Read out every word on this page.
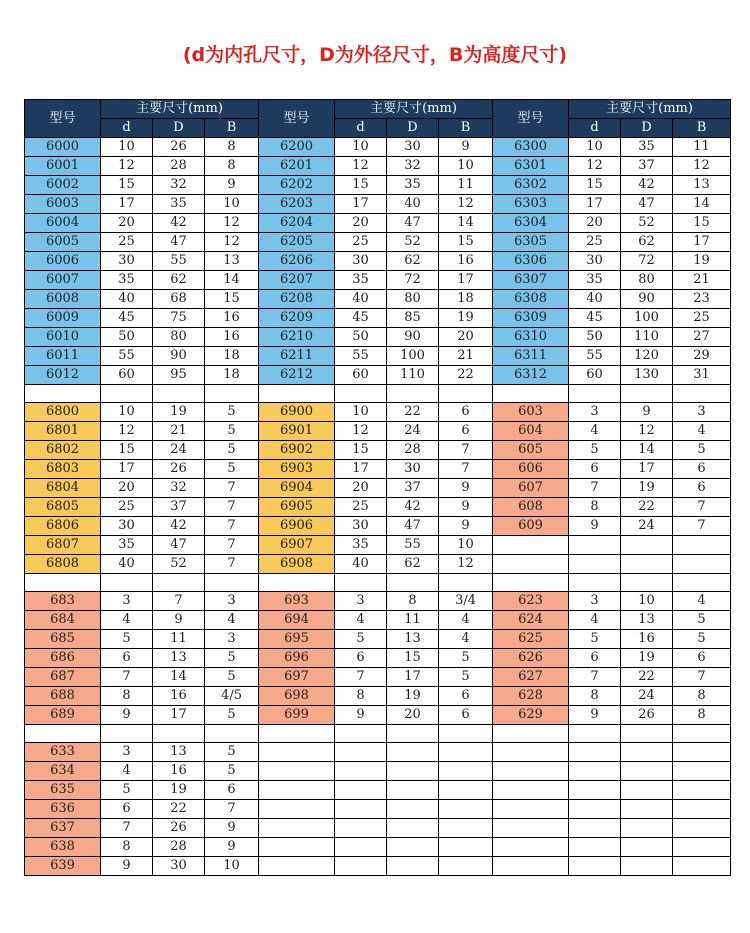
(d为内孔尺寸，D为外径尺寸，B为高度尺寸)
型号	主要尺寸(mm)			型号	主要尺寸(mm)			型号	主要尺寸(mm)		
	d	D	B		d	D	B		d	D	B
6000	10	26	8	6200	10	30	9	6300	10	35	11
6001	12	28	8	6201	12	32	10	6301	12	37	12
6002	15	32	9	6202	15	35	11	6302	15	42	13
6003	17	35	10	6203	17	40	12	6303	17	47	14
6004	20	42	12	6204	20	47	14	6304	20	52	15
6005	25	47	12	6205	25	52	15	6305	25	62	17
6006	30	55	13	6206	30	62	16	6306	30	72	19
6007	35	62	14	6207	35	72	17	6307	35	80	21
6008	40	68	15	6208	40	80	18	6308	40	90	23
6009	45	75	16	6209	45	85	19	6309	45	100	25
6010	50	80	16	6210	50	90	20	6310	50	110	27
6011	55	90	18	6211	55	100	21	6311	55	120	29
6012	60	95	18	6212	60	110	22	6312	60	130	31

6800	10	19	5	6900	10	22	6	603	3	9	3
6801	12	21	5	6901	12	24	6	604	4	12	4
6802	15	24	5	6902	15	28	7	605	5	14	5
6803	17	26	5	6903	17	30	7	606	6	17	6
6804	20	32	7	6904	20	37	9	607	7	19	6
6805	25	37	7	6905	25	42	9	608	8	22	7
6806	30	42	7	6906	30	47	9	609	9	24	7
6807	35	47	7	6907	35	55	10				
6808	40	52	7	6908	40	62	12				

683	3	7	3	693	3	8	3/4	623	3	10	4
684	4	9	4	694	4	11	4	624	4	13	5
685	5	11	3	695	5	13	4	625	5	16	5
686	6	13	5	696	6	15	5	626	6	19	6
687	7	14	5	697	7	17	5	627	7	22	7
688	8	16	4/5	698	8	19	6	628	8	24	8
689	9	17	5	699	9	20	6	629	9	26	8

633	3	13	5								
634	4	16	5								
635	5	19	6								
636	6	22	7								
637	7	26	9								
638	8	28	9								
639	9	30	10								
